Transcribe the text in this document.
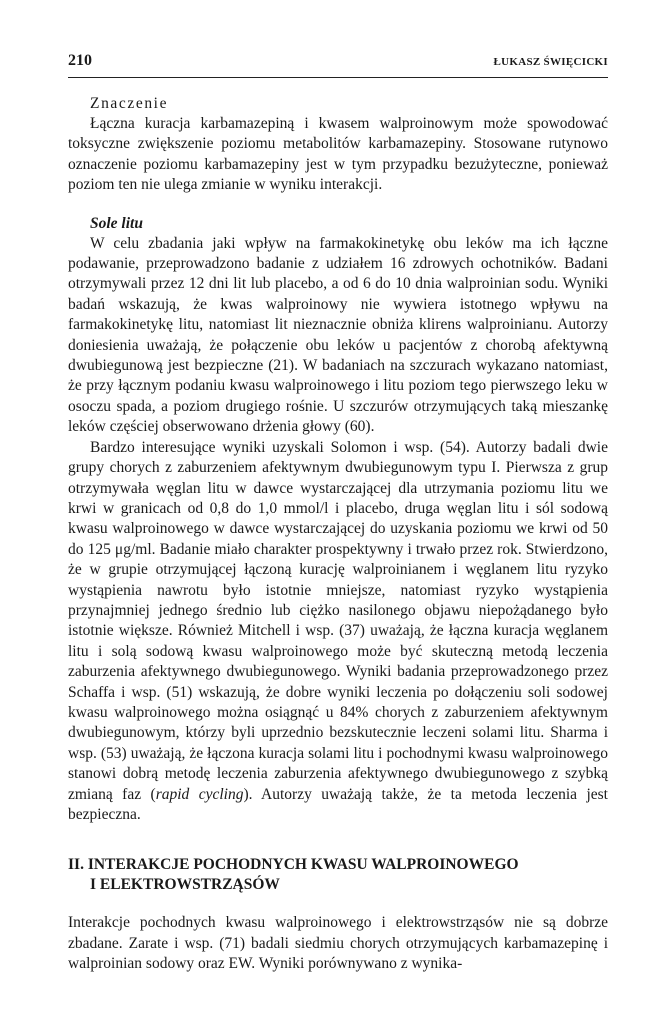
210	ŁUKASZ ŚWIĘCICKI
Znaczenie

Łączna kuracja karbamazepiną i kwasem walproinowym może spowodować toksyczne zwiększenie poziomu metabolitów karbamazepiny. Stosowane rutynowo oznaczenie poziomu karbamazepiny jest w tym przypadku bezużyteczne, ponieważ poziom ten nie ulega zmianie w wyniku interakcji.

Sole litu

W celu zbadania jaki wpływ na farmakokinetykę obu leków ma ich łączne podawanie, przeprowadzono badanie z udziałem 16 zdrowych ochotników. Badani otrzymywali przez 12 dni lit lub placebo, a od 6 do 10 dnia walproinian sodu. Wyniki badań wskazują, że kwas walproinowy nie wywiera istotnego wpływu na farmakokinetykę litu, natomiast lit nieznacznie obniża klirens walproinianu. Autorzy doniesienia uważają, że połączenie obu leków u pacjentów z chorobą afektywną dwubiegunową jest bezpieczne (21). W badaniach na szczurach wykazano natomiast, że przy łącznym podaniu kwasu walproinowego i litu poziom tego pierwszego leku w osoczu spada, a poziom drugiego rośnie. U szczurów otrzymujących taką mieszankę leków częściej obserwowano drżenia głowy (60).

Bardzo interesujące wyniki uzyskali Solomon i wsp. (54). Autorzy badali dwie grupy chorych z zaburzeniem afektywnym dwubiegunowym typu I. Pierwsza z grup otrzymywała węglan litu w dawce wystarczającej dla utrzymania poziomu litu we krwi w granicach od 0,8 do 1,0 mmol/l i placebo, druga węglan litu i sól sodową kwasu walproinowego w dawce wystarczającej do uzyskania poziomu we krwi od 50 do 125 μg/ml. Badanie miało charakter prospektywny i trwało przez rok. Stwierdzono, że w grupie otrzymującej łączoną kurację walproinianem i węglanem litu ryzyko wystąpienia nawrotu było istotnie mniejsze, natomiast ryzyko wystąpienia przynajmniej jednego średnio lub ciężko nasilonego objawu niepożądanego było istotnie większe. Również Mitchell i wsp. (37) uważają, że łączna kuracja węglanem litu i solą sodową kwasu walproinowego może być skuteczną metodą leczenia zaburzenia afektywnego dwubiegunowego. Wyniki badania przeprowadzonego przez Schaffa i wsp. (51) wskazują, że dobre wyniki leczenia po dołączeniu soli sodowej kwasu walproinowego można osiągnąć u 84% chorych z zaburzeniem afektywnym dwubiegunowym, którzy byli uprzednio bezskutecznie leczeni solami litu. Sharma i wsp. (53) uważają, że łączona kuracja solami litu i pochodnymi kwasu walproinowego stanowi dobrą metodę leczenia zaburzenia afektywnego dwubiegunowego z szybką zmianą faz (rapid cycling). Autorzy uważają także, że ta metoda leczenia jest bezpieczna.

II. INTERAKCJE POCHODNYCH KWASU WALPROINOWEGO
I ELEKTROWSTRZĄSÓW

Interakcje pochodnych kwasu walproinowego i elektrowstrząsów nie są dobrze zbadane. Zarate i wsp. (71) badali siedmiu chorych otrzymujących karbamazepinę i walproinian sodowy oraz EW. Wyniki porównywano z wynika-
